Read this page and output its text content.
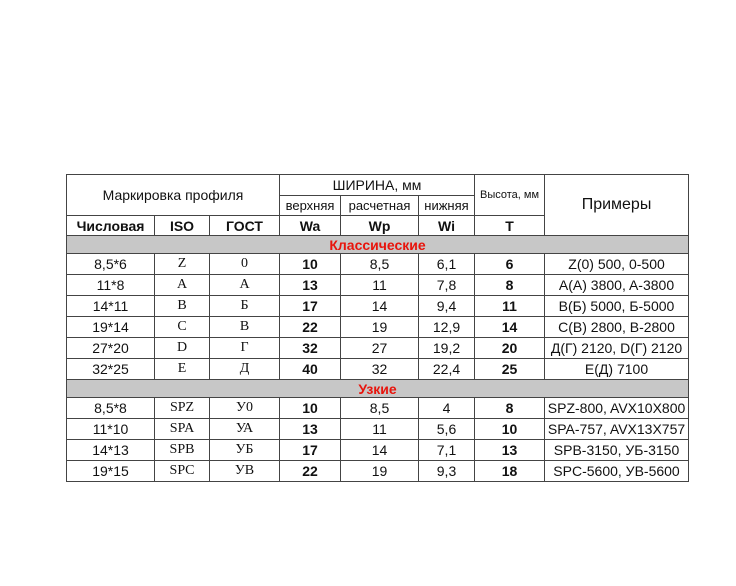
Маркировка профиля			ШИРИНА, мм			Высота, мм	Примеры
			верхняя	расчетная	нижняя		
Числовая	ISO	ГОСТ	Wa	Wp	Wi	T	
Классические							
8,5*6	Z	0	10	8,5	6,1	6	Z(0) 500, 0-500
11*8	A	А	13	11	7,8	8	A(A) 3800, A-3800
14*11	B	Б	17	14	9,4	11	B(Б) 5000, Б-5000
19*14	C	В	22	19	12,9	14	C(B) 2800, B-2800
27*20	D	Г	32	27	19,2	20	Д(Г) 2120, D(Г) 2120
32*25	E	Д	40	32	22,4	25	E(Д) 7100
Узкие							
8,5*8	SPZ	У0	10	8,5	4	8	SPZ-800, AVX10X800
11*10	SPA	УА	13	11	5,6	10	SPA-757, AVX13X757
14*13	SPB	УБ	17	14	7,1	13	SPB-3150, УБ-3150
19*15	SPC	УВ	22	19	9,3	18	SPC-5600, УВ-5600
